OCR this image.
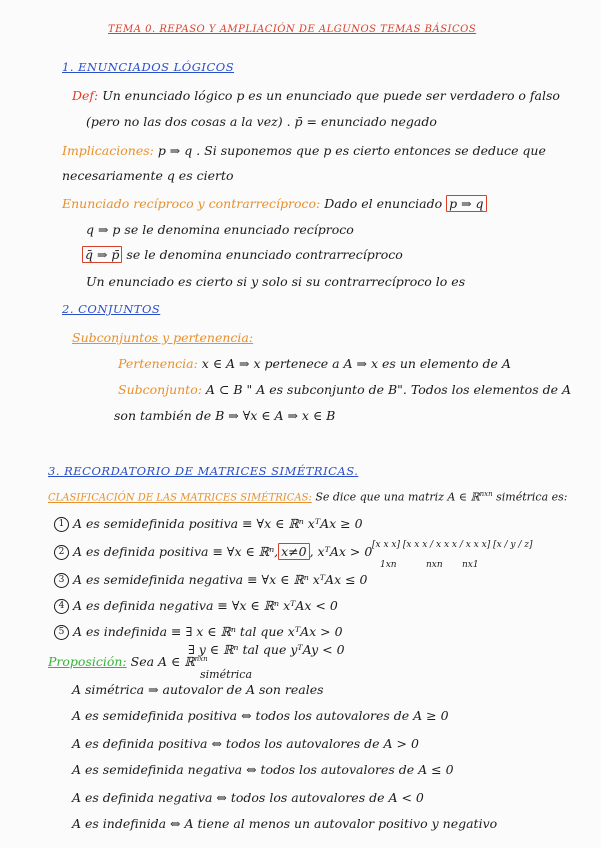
TEMA 0. REPASO Y AMPLIACIÓN DE ALGUNOS TEMAS BÁSICOS
1. ENUNCIADOS LÓGICOS
Def: Un enunciado lógico p es un enunciado que puede ser verdadero o falso
(pero no las dos cosas a la vez) . p̄ = enunciado negado
Implicaciones: p ⇒ q . Si suponemos que p es cierto entonces se deduce que
necesariamente q es cierto
Enunciado recíproco y contrarrecíproco: Dado el enunciado p ⇒ q
q ⇒ p se le denomina enunciado recíproco
q̄ ⇒ p̄ se le denomina enunciado contrarrecíproco
Un enunciado es cierto si y solo si su contrarrecíproco lo es
2. CONJUNTOS
Subconjuntos y pertenencia:
Pertenencia: x ∈ A ⇒ x pertenece a A ⇒ x es un elemento de A
Subconjunto: A ⊂ B " A es subconjunto de B". Todos los elementos de A
son también de B ⇒ ∀x ∈ A ⇒ x ∈ B
3. RECORDATORIO DE MATRICES SIMÉTRICAS.
CLASIFICACIÓN DE LAS MATRICES SIMÉTRICAS: Se dice que una matriz A ∈ ℝ$^{nxn}$ simétrica es:
1 A es semidefinida positiva ≡ ∀x ∈ ℝⁿ xᵀAx ≥ 0
2 A es definida positiva ≡ ∀x ∈ ℝⁿ, x≠0 , xᵀAx > 0
3 A es semidefinida negativa ≡ ∀x ∈ ℝⁿ xᵀAx ≤ 0
4 A es definida negativa ≡ ∀x ∈ ℝⁿ xᵀAx < 0
5 A es indefinida ≡ ∃ x ∈ ℝⁿ tal que xᵀAx > 0
∃ y ∈ ℝⁿ tal que yᵀAy < 0
[x x x] [x x x / x x x / x x x] [x / y / z]
1xn	nxn nx1
Proposición: Sea A ∈ ℝ$^{nxn}$
simétrica
A simétrica ⇒ autovalor de A son reales
A es semidefinida positiva ⇔ todos los autovalores de A ≥ 0
A es definida positiva ⇔ todos los autovalores de A > 0
A es semidefinida negativa ⇔ todos los autovalores de A ≤ 0
A es definida negativa ⇔ todos los autovalores de A < 0
A es indefinida ⇔ A tiene al menos un autovalor positivo y negativo
